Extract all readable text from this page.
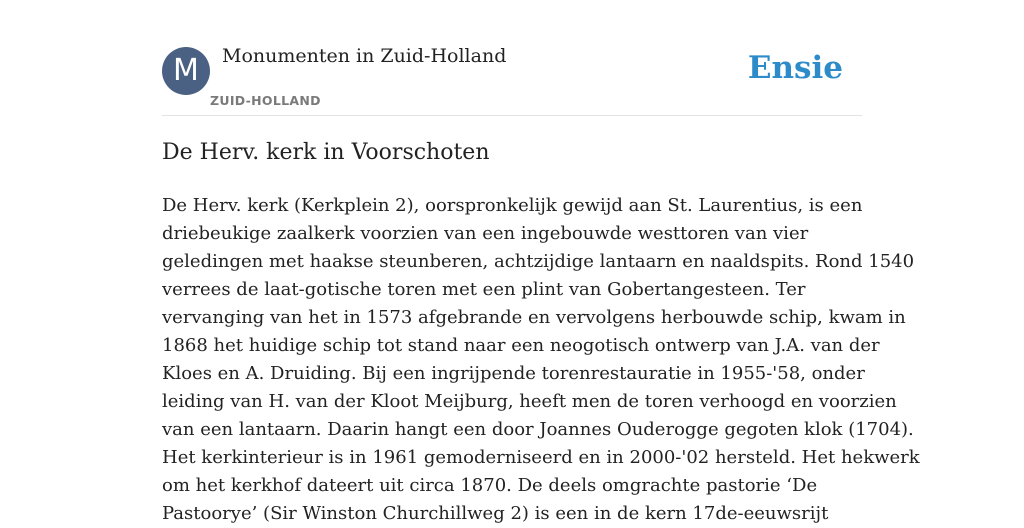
M	Monumenten in Zuid-Holland
ZUID-HOLLAND
Ensie
De Herv. kerk in Voorschoten
De Herv. kerk (Kerkplein 2), oorspronkelijk gewijd aan St. Laurentius, is een
driebeukige zaalkerk voorzien van een ingebouwde westtoren van vier
geledingen met haakse steunberen, achtzijdige lantaarn en naaldspits. Rond 1540
verrees de laat-gotische toren met een plint van Gobertangesteen. Ter
vervanging van het in 1573 afgebrande en vervolgens herbouwde schip, kwam in
1868 het huidige schip tot stand naar een neogotisch ontwerp van J.A. van der
Kloes en A. Druiding. Bij een ingrijpende torenrestauratie in 1955-'58, onder
leiding van H. van der Kloot Meijburg, heeft men de toren verhoogd en voorzien
van een lantaarn. Daarin hangt een door Joannes Ouderogge gegoten klok (1704).
Het kerkinterieur is in 1961 gemoderniseerd en in 2000-'02 hersteld. Het hekwerk
om het kerkhof dateert uit circa 1870. De deels omgrachte pastorie ‘De
Pastoorye’ (Sir Winston Churchillweg 2) is een in de kern 17de-eeuwsrijt
